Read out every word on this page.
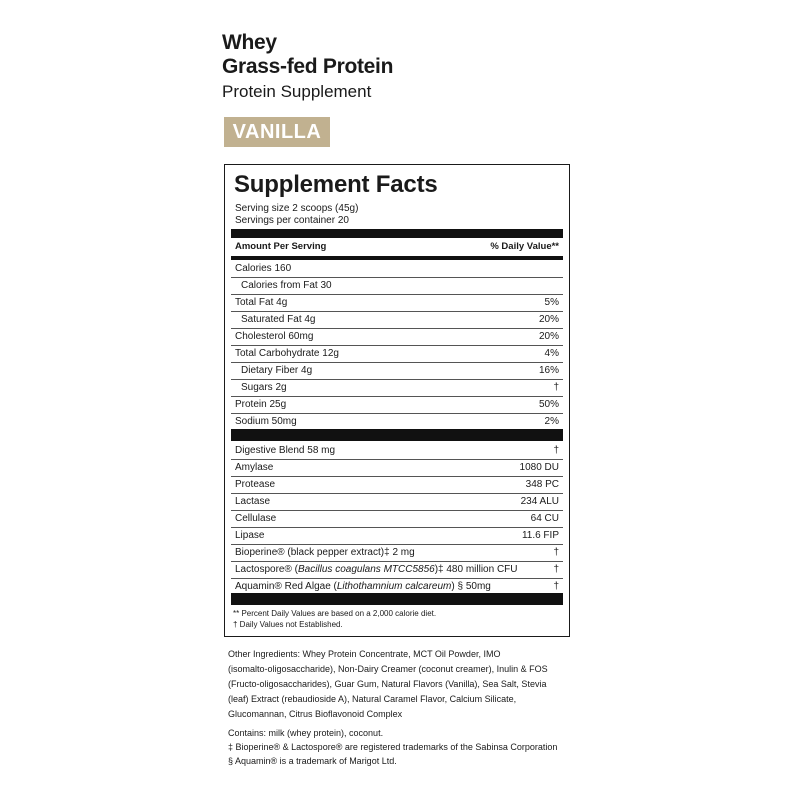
Whey
Grass-fed Protein
Protein Supplement
VANILLA
Supplement Facts
Serving size 2 scoops (45g)
Servings per container 20
Amount Per Serving	% Daily Value**
Calories 160
Calories from Fat 30
Total Fat 4g	5%
Saturated Fat 4g	20%
Cholesterol 60mg	20%
Total Carbohydrate 12g	4%
Dietary Fiber 4g	16%
Sugars 2g	†
Protein 25g	50%
Sodium 50mg	2%
Digestive Blend 58 mg	†
Amylase	1080 DU
Protease	348 PC
Lactase	234 ALU
Cellulase	64 CU
Lipase	11.6 FIP
Bioperine® (black pepper extract)‡ 2 mg	†
Lactospore® (Bacillus coagulans MTCC5856)‡ 480 million CFU	†
Aquamin® Red Algae (Lithothamnium calcareum) § 50mg	†
** Percent Daily Values are based on a 2,000 calorie diet.
† Daily Values not Established.
Other Ingredients: Whey Protein Concentrate, MCT Oil Powder, IMO
(isomalto-oligosaccharide), Non-Dairy Creamer (coconut creamer), Inulin & FOS
(Fructo-oligosaccharides), Guar Gum, Natural Flavors (Vanilla), Sea Salt, Stevia
(leaf) Extract (rebaudioside A), Natural Caramel Flavor, Calcium Silicate,
Glucomannan, Citrus Bioflavonoid Complex
Contains: milk (whey protein), coconut.
‡ Bioperine® & Lactospore® are registered trademarks of the Sabinsa Corporation
§ Aquamin® is a trademark of Marigot Ltd.
